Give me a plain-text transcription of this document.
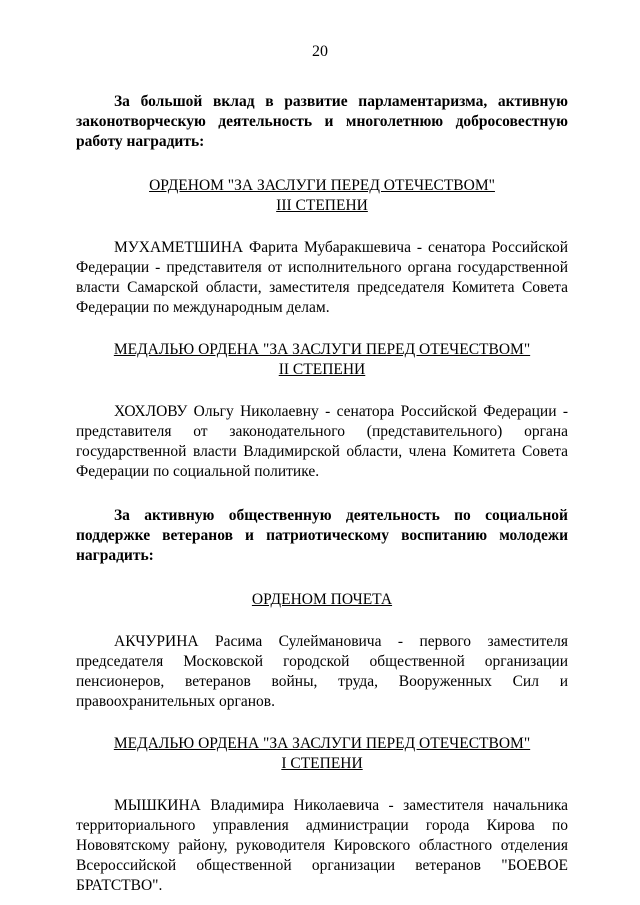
20

За большой вклад в развитие парламентаризма, активную законотворческую деятельность и многолетнюю добросовестную работу наградить:

ОРДЕНОМ "ЗА ЗАСЛУГИ ПЕРЕД ОТЕЧЕСТВОМ"
III СТЕПЕНИ

МУХАМЕТШИНА Фарита Мубаракшевича - сенатора Российской Федерации - представителя от исполнительного органа государственной власти Самарской области, заместителя председателя Комитета Совета Федерации по международным делам.

МЕДАЛЬЮ ОРДЕНА "ЗА ЗАСЛУГИ ПЕРЕД ОТЕЧЕСТВОМ"
II СТЕПЕНИ

ХОХЛОВУ Ольгу Николаевну - сенатора Российской Федерации - представителя от законодательного (представительного) органа государственной власти Владимирской области, члена Комитета Совета Федерации по социальной политике.

За активную общественную деятельность по социальной поддержке ветеранов и патриотическому воспитанию молодежи наградить:

ОРДЕНОМ ПОЧЕТА

АКЧУРИНА Расима Сулеймановича - первого заместителя председателя Московской городской общественной организации пенсионеров, ветеранов войны, труда, Вооруженных Сил и правоохранительных органов.

МЕДАЛЬЮ ОРДЕНА "ЗА ЗАСЛУГИ ПЕРЕД ОТЕЧЕСТВОМ"
I СТЕПЕНИ

МЫШКИНА Владимира Николаевича - заместителя начальника территориального управления администрации города Кирова по Нововятскому району, руководителя Кировского областного отделения Всероссийской общественной организации ветеранов "БОЕВОЕ БРАТСТВО".
